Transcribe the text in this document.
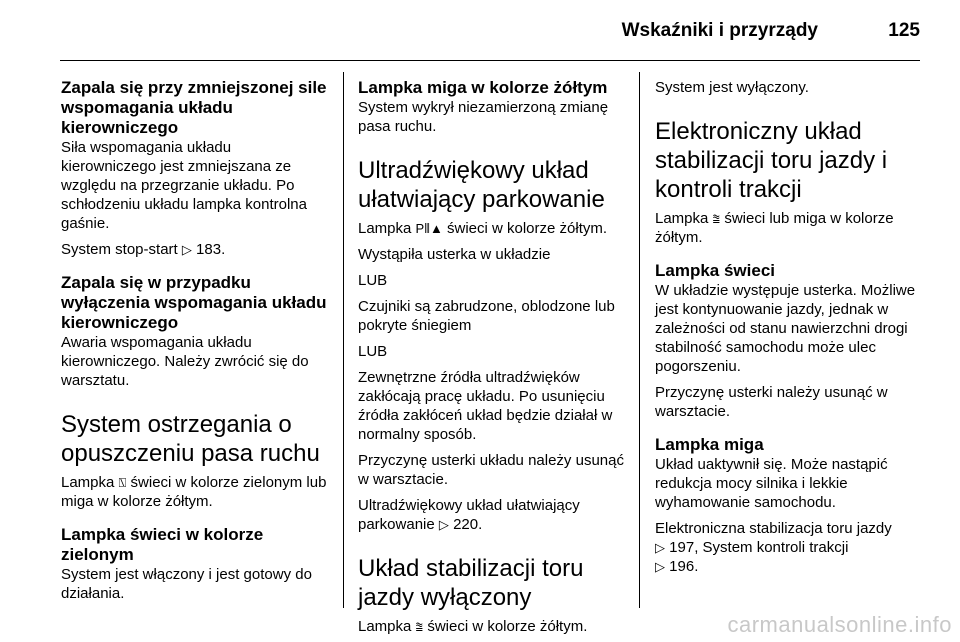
Wskaźniki i przyrządy	125
Zapala się przy zmniejszonej sile wspomagania układu kierowniczego

Siła wspomagania układu kierowniczego jest zmniejszana ze względu na przegrzanie układu. Po schłodzeniu układu lampka kontrolna gaśnie.

System stop-start ▷ 183.

Zapala się w przypadku wyłączenia wspomagania układu kierowniczego

Awaria wspomagania układu kierowniczego. Należy zwrócić się do warsztatu.

System ostrzegania o opuszczeniu pasa ruchu

Lampka ⍂ świeci w kolorze zielonym lub miga w kolorze żółtym.

Lampka świeci w kolorze zielonym

System jest włączony i jest gotowy do działania.

Lampka miga w kolorze żółtym

System wykrył niezamierzoną zmianę pasa ruchu.

Ultradźwiękowy układ ułatwiający parkowanie

Lampka P⦀▲ świeci w kolorze żółtym.

Wystąpiła usterka w układzie

LUB

Czujniki są zabrudzone, oblodzone lub pokryte śniegiem

LUB

Zewnętrzne źródła ultradźwięków zakłócają pracę układu. Po usunięciu źródła zakłóceń układ będzie działał w normalny sposób.

Przyczynę usterki układu należy usunąć w warsztacie.

Ultradźwiękowy układ ułatwiający parkowanie ▷ 220.

Układ stabilizacji toru jazdy wyłączony

Lampka ⩰ świeci w kolorze żółtym.

System jest wyłączony.

Elektroniczny układ stabilizacji toru jazdy i kontroli trakcji

Lampka ⩰ świeci lub miga w kolorze żółtym.

Lampka świeci

W układzie występuje usterka. Możliwe jest kontynuowanie jazdy, jednak w zależności od stanu nawierzchni drogi stabilność samochodu może ulec pogorszeniu.

Przyczynę usterki należy usunąć w warsztacie.

Lampka miga

Układ uaktywnił się. Może nastąpić redukcja mocy silnika i lekkie wyhamowanie samochodu.

Elektroniczna stabilizacja toru jazdy
▷ 197, System kontroli trakcji
▷ 196.

carmanualsonline.info
